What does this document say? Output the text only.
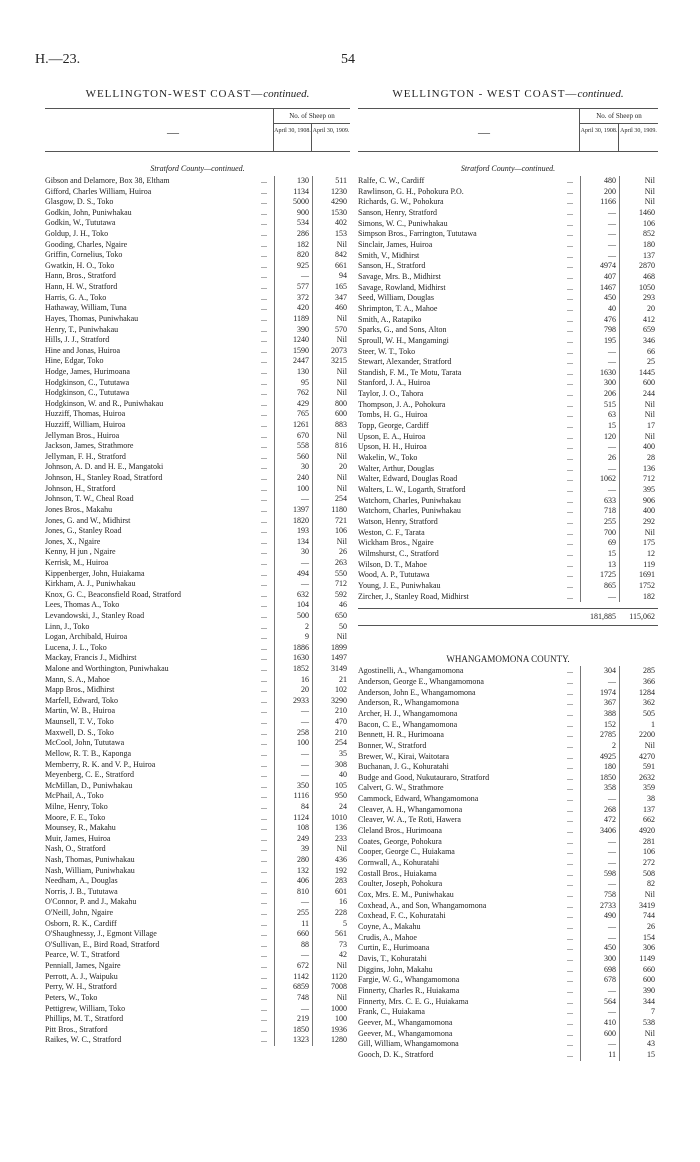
H.—23.	54
WELLINGTON-WEST COAST—continued.
—
No. of Sheep on
April 30, 1908. April 30, 1909.
Stratford County—continued.
Gibson and Delamore, Box 38, Eltham	...	130	511
Gifford, Charles William, Huiroa	...	1134	1230
Glasgow, D. S., Toko	...	5000	4290
Godkin, John, Puniwhakau	...	900	1530
Godkin, W., Tututawa	...	534	402
Goldup, J. H., Toko	...	286	153
Gooding, Charles, Ngaire	...	182	Nil
Griffin, Cornelius, Toko	...	820	842
Gwatkin, H. O., Toko	...	925	661
Hann, Bros., Stratford	...	—	94
Hann, H. W., Stratford	...	577	165
Harris, G. A., Toko	...	372	347
Hathaway, William, Tuna	...	420	460
Hayes, Thomas, Puniwhakau	...	1189	Nil
Henry, T., Puniwhakau	...	390	570
Hills, J. J., Stratford	...	1240	Nil
Hine and Jonas, Huiroa	...	1590	2073
Hine, Edgar, Toko	...	2447	3215
Hodge, James, Hurimoana	...	130	Nil
Hodgkinson, C., Tututawa	...	95	Nil
Hodgkinson, C., Tututawa	...	762	Nil
Hodgkinson, W. and R., Puniwhakau	...	429	800
Huzziff, Thomas, Huiroa	...	765	600
Huzziff, William, Huiroa	...	1261	883
Jellyman Bros., Huiroa	...	670	Nil
Jackson, James, Strathmore	...	558	816
Jellyman, F. H., Stratford	...	560	Nil
Johnson, A. D. and H. E., Mangatoki	...	30	20
Johnson, H., Stanley Road, Stratford	...	240	Nil
Johnson, H., Stratford	...	100	Nil
Johnson, T. W., Cheal Road	...	—	254
Jones Bros., Makahu	...	1397	1180
Jones, G. and W., Midhirst	...	1820	721
Jones, G., Stanley Road	...	193	106
Jones, X., Ngaire	...	134	Nil
Kenny, H jun , Ngaire	...	30	26
Kerrisk, M., Huiroa	...	—	263
Kippenberger, John, Huiakama	...	494	550
Kirkham, A. J., Puniwhakau	...	—	712
Knox, G. C., Beaconsfield Road, Stratford	...	632	592
Lees, Thomas A., Toko	...	104	46
Levandowski, J., Stanley Road	...	500	650
Linn, J., Toko	...	2	50
Logan, Archibald, Huiroa	...	9	Nil
Lucena, J. L., Toko	...	1886	1899
Mackay, Francis J., Midhirst	...	1630	1497
Malone and Worthington, Puniwhakau	...	1852	3149
Mann, S. A., Mahoe	...	16	21
Mapp Bros., Midhirst	...	20	102
Marfell, Edward, Toko	...	2933	3290
Martin, W. B., Huiroa	...	—	210
Maunsell, T. V., Toko	...	—	470
Maxwell, D. S., Toko	...	258	210
McCool, John, Tututawa	...	100	254
Mellow, R. T. B., Kaponga	...	—	35
Memberry, R. K. and V. P., Huiroa	...	—	308
Meyenberg, C. E., Stratford	...	—	40
McMillan, D., Puniwhakau	...	350	105
McPhail, A., Toko	...	1116	950
Milne, Henry, Toko	...	84	24
Moore, F. E., Toko	...	1124	1010
Mounsey, R., Makahu	...	108	136
Muir, James, Huiroa	...	249	233
Nash, O., Stratford	...	39	Nil
Nash, Thomas, Puniwhakau	...	280	436
Nash, William, Puniwhakau	...	132	192
Needham, A., Douglas	...	406	283
Norris, J. B., Tututawa	...	810	601
O'Connor, P. and J., Makahu	...	—	16
O'Neill, John, Ngaire	...	255	228
Osborn, R. K., Cardiff	...	11	5
O'Shaughnessy, J., Egmont Village	...	660	561
O'Sullivan, E., Bird Road, Stratford	...	88	73
Pearce, W. T., Stratford	...	—	42
Penniall, James, Ngaire	...	672	Nil
Perrott, A. J., Waipuku	...	1142	1120
Perry, W. H., Stratford	...	6859	7008
Peters, W., Toko	...	748	Nil
Pettigrew, William, Toko	...	—	1000
Phillips, M. T., Stratford	...	219	100
Pitt Bros., Stratford	...	1850	1936
Raikes, W. C., Stratford	...	1323	1280
WELLINGTON - WEST COAST—continued.
—
No. of Sheep on
April 30, 1908. April 30, 1909.
Stratford County—continued.
Ralfe, C. W., Cardiff	...	480	Nil
Rawlinson, G. H., Pohokura P.O.	...	200	Nil
Richards, G. W., Pohokura	...	1166	Nil
Sanson, Henry, Stratford	...	—	1460
Simons, W. C., Puniwhakau	...	—	106
Simpson Bros., Farrington, Tututawa	...	—	852
Sinclair, James, Huiroa	...	—	180
Smith, V., Midhirst	...	—	137
Sanson, H., Stratford	...	4974	2870
Savage, Mrs. B., Midhirst	...	407	468
Savage, Rowland, Midhirst	...	1467	1050
Seed, William, Douglas	...	450	293
Shrimpton, T. A., Mahoe	...	40	20
Smith, A., Ratapiko	...	476	412
Sparks, G., and Sons, Alton	...	798	659
Sproull, W. H., Mangamingi	...	195	346
Steer, W. T., Toko	...	—	66
Stewart, Alexander, Stratford	...	—	25
Standish, F. M., Te Motu, Tarata	...	1630	1445
Stanford, J. A., Huiroa	...	300	600
Taylor, J. O., Tahora	...	206	244
Thompson, J. A., Pohokura	...	515	Nil
Tombs, H. G., Huiroa	...	63	Nil
Topp, George, Cardiff	...	15	17
Upson, E. A., Huiroa	...	120	Nil
Upson, H. H., Huiroa	...	—	400
Wakelin, W., Toko	...	26	28
Walter, Arthur, Douglas	...	—	136
Walter, Edward, Douglas Road	...	1062	712
Walters, L. W., Logarth, Stratford	...	—	395
Watchorn, Charles, Puniwhakau	...	633	906
Watchorn, Charles, Puniwhakau	...	718	400
Watson, Henry, Stratford	...	255	292
Weston, C. F., Tarata	...	700	Nil
Wickham Bros., Ngaire	...	69	175
Wilmshurst, C., Stratford	...	15	12
Wilson, D. T., Mahoe	...	13	119
Wood, A. P., Tututawa	...	1725	1691
Young, J. E., Puniwhakau	...	865	1752
Zircher, J., Stanley Road, Midhirst	...	—	182
181,885	115,062
WHANGAMOMONA COUNTY.
Agostinelli, A., Whangamomona	...	304	285
Anderson, George E., Whangamomona	...	—	366
Anderson, John E., Whangamomona	...	1974	1284
Anderson, R., Whangamomona	...	367	362
Archer, H. J., Whangamomona	...	388	505
Bacon, C. E., Whangamomona	...	152	1
Bennett, H. R., Hurimoana	...	2785	2200
Bonner, W., Stratford	...	2	Nil
Brewer, W., Kirai, Waitotara	...	4925	4270
Buchanan, J. G., Kohuratahi	...	180	591
Budge and Good, Nukutauraro, Stratford	...	1850	2632
Calvert, G. W., Strathmore	...	358	359
Cammock, Edward, Whangamomona	...	—	38
Cleaver, A. H., Whangamomona	...	268	137
Cleaver, W. A., Te Roti, Hawera	...	472	662
Cleland Bros., Hurimoana	...	3406	4920
Coates, George, Pohokura	...	—	281
Cooper, George C., Huiakama	...	—	106
Cornwall, A., Kohuratahi	...	—	272
Costall Bros., Huiakama	...	598	508
Coulter, Joseph, Pohokura	...	—	82
Cox, Mrs. E. M., Puniwhakau	...	758	Nil
Coxhead, A., and Son, Whangamomona	...	2733	3419
Coxhead, F. C., Kohuratahi	...	490	744
Coyne, A., Makahu	...	—	26
Crudis, A., Mahoe	...	—	154
Curtin, E., Hurimoana	...	450	306
Davis, T., Kohuratahi	...	300	1149
Diggins, John, Makahu	...	698	660
Fargie, W. G., Whangamomona	...	678	600
Finnerty, Charles R., Huiakama	...	—	390
Finnerty, Mrs. C. E. G., Huiakama	...	564	344
Frank, C., Huiakama	...	—	7
Geever, M., Whangamomona	...	410	538
Geever, M., Whangamomona	...	600	Nil
Gill, William, Whangamomona	...	—	43
Gooch, D. K., Stratford	...	11	15
